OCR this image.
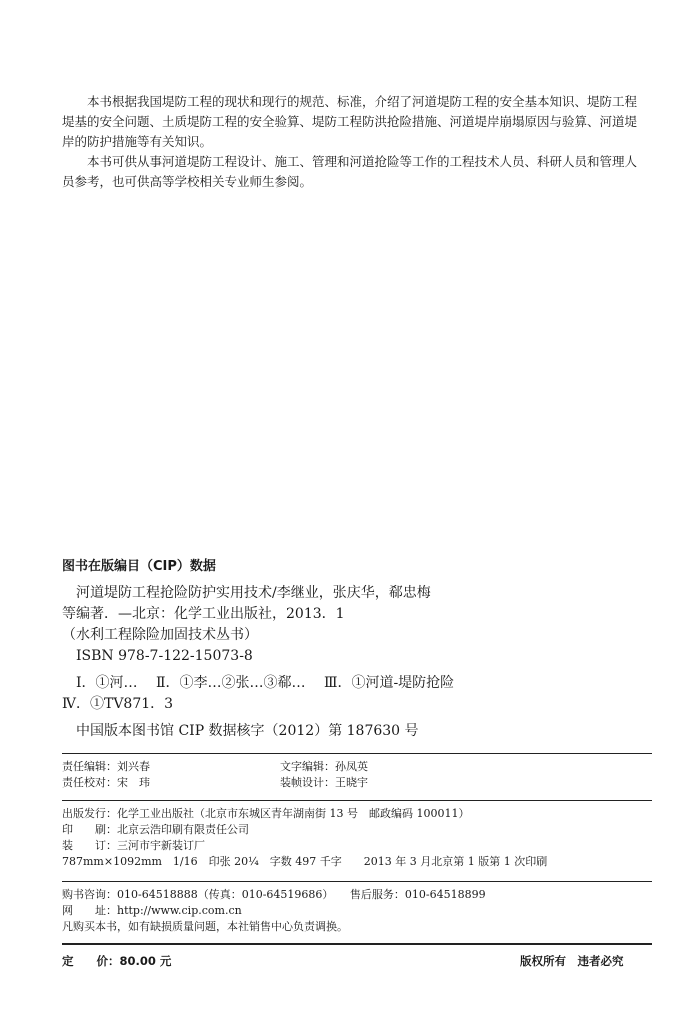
本书根据我国堤防工程的现状和现行的规范、标准，介绍了河道堤防工程的安全基本知识、堤防工程堤基的安全问题、土质堤防工程的安全验算、堤防工程防洪抢险措施、河道堤岸崩塌原因与验算、河道堤岸的防护措施等有关知识。

本书可供从事河道堤防工程设计、施工、管理和河道抢险等工作的工程技术人员、科研人员和管理人员参考，也可供高等学校相关专业师生参阅。

图书在版编目（CIP）数据
河道堤防工程抢险防护实用技术/李继业，张庆华，郗忠梅
等编著．—北京：化学工业出版社，2013．1
（水利工程除险加固技术丛书）
ISBN 978-7-122-15073-8
Ⅰ．①河… Ⅱ．①李…②张…③郗… Ⅲ．①河道-堤防抢险
Ⅳ．①TV871．3
中国版本图书馆 CIP 数据核字（2012）第 187630 号
责任编辑：刘兴春	文字编辑：孙凤英
责任校对：宋　玮	装帧设计：王晓宇
出版发行：化学工业出版社（北京市东城区青年湖南街 13 号　邮政编码 100011）
印　　刷：北京云浩印刷有限责任公司
装　　订：三河市宇新装订厂
787mm×1092mm　1/16　印张 20¼　字数 497 千字　　2013 年 3 月北京第 1 版第 1 次印刷
购书咨询：010-64518888（传真：010-64519686）　　售后服务：010-64518899
网　　址：http://www.cip.com.cn
凡购买本书，如有缺损质量问题，本社销售中心负责调换。
定　　价：80.00 元	版权所有　违者必究
